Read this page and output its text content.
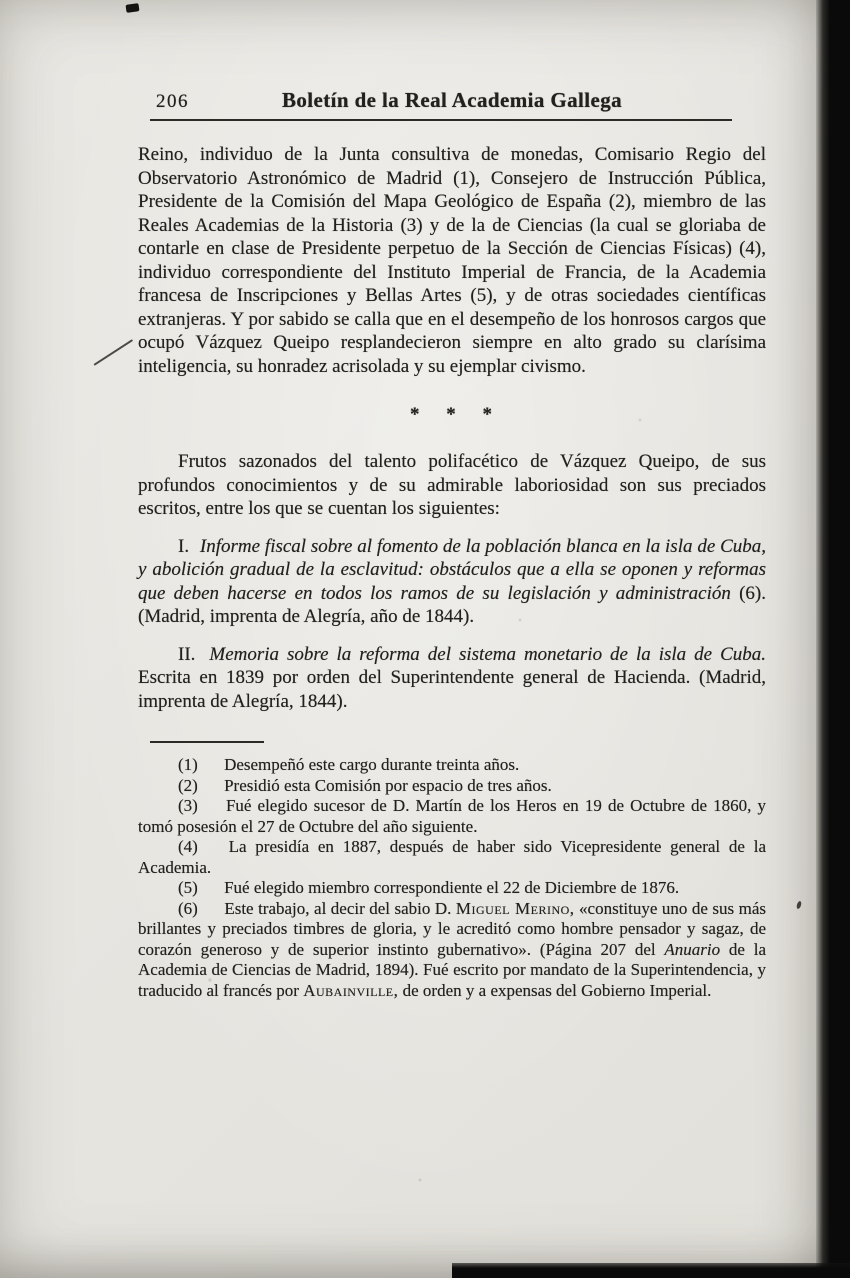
206	Boletín de la Real Academia Gallega

Reino, individuo de la Junta consultiva de monedas, Comisario Regio del Observatorio Astronómico de Madrid (1), Consejero de Instrucción Pública, Presidente de la Comisión del Mapa Geológico de España (2), miembro de las Reales Academias de la Historia (3) y de la de Ciencias (la cual se gloriaba de contarle en clase de Presidente perpetuo de la Sección de Ciencias Físicas) (4), individuo correspondiente del Instituto Imperial de Francia, de la Academia francesa de Inscripciones y Bellas Artes (5), y de otras sociedades científicas extranjeras. Y por sabido se calla que en el desempeño de los honrosos cargos que ocupó Vázquez Queipo resplandecieron siempre en alto grado su clarísima inteligencia, su honradez acrisolada y su ejemplar civismo.

* * *

Frutos sazonados del talento polifacético de Vázquez Queipo, de sus profundos conocimientos y de su admirable laboriosidad son sus preciados escritos, entre los que se cuentan los siguientes:

I. Informe fiscal sobre al fomento de la población blanca en la isla de Cuba, y abolición gradual de la esclavitud: obstáculos que a ella se oponen y reformas que deben hacerse en todos los ramos de su legislación y administración (6). (Madrid, imprenta de Alegría, año de 1844).

II. Memoria sobre la reforma del sistema monetario de la isla de Cuba. Escrita en 1839 por orden del Superintendente general de Hacienda. (Madrid, imprenta de Alegría, 1844).

(1) Desempeñó este cargo durante treinta años.

(2) Presidió esta Comisión por espacio de tres años.

(3) Fué elegido sucesor de D. Martín de los Heros en 19 de Octubre de 1860, y tomó posesión el 27 de Octubre del año siguiente.

(4) La presidía en 1887, después de haber sido Vicepresidente general de la Academia.

(5) Fué elegido miembro correspondiente el 22 de Diciembre de 1876.

(6) Este trabajo, al decir del sabio D. Miguel Merino, «constituye uno de sus más brillantes y preciados timbres de gloria, y le acreditó como hombre pensador y sagaz, de corazón generoso y de superior instinto gubernativo». (Página 207 del Anuario de la Academia de Ciencias de Madrid, 1894). Fué escrito por mandato de la Superintendencia, y traducido al francés por Aubainville, de orden y a expensas del Gobierno Imperial.
